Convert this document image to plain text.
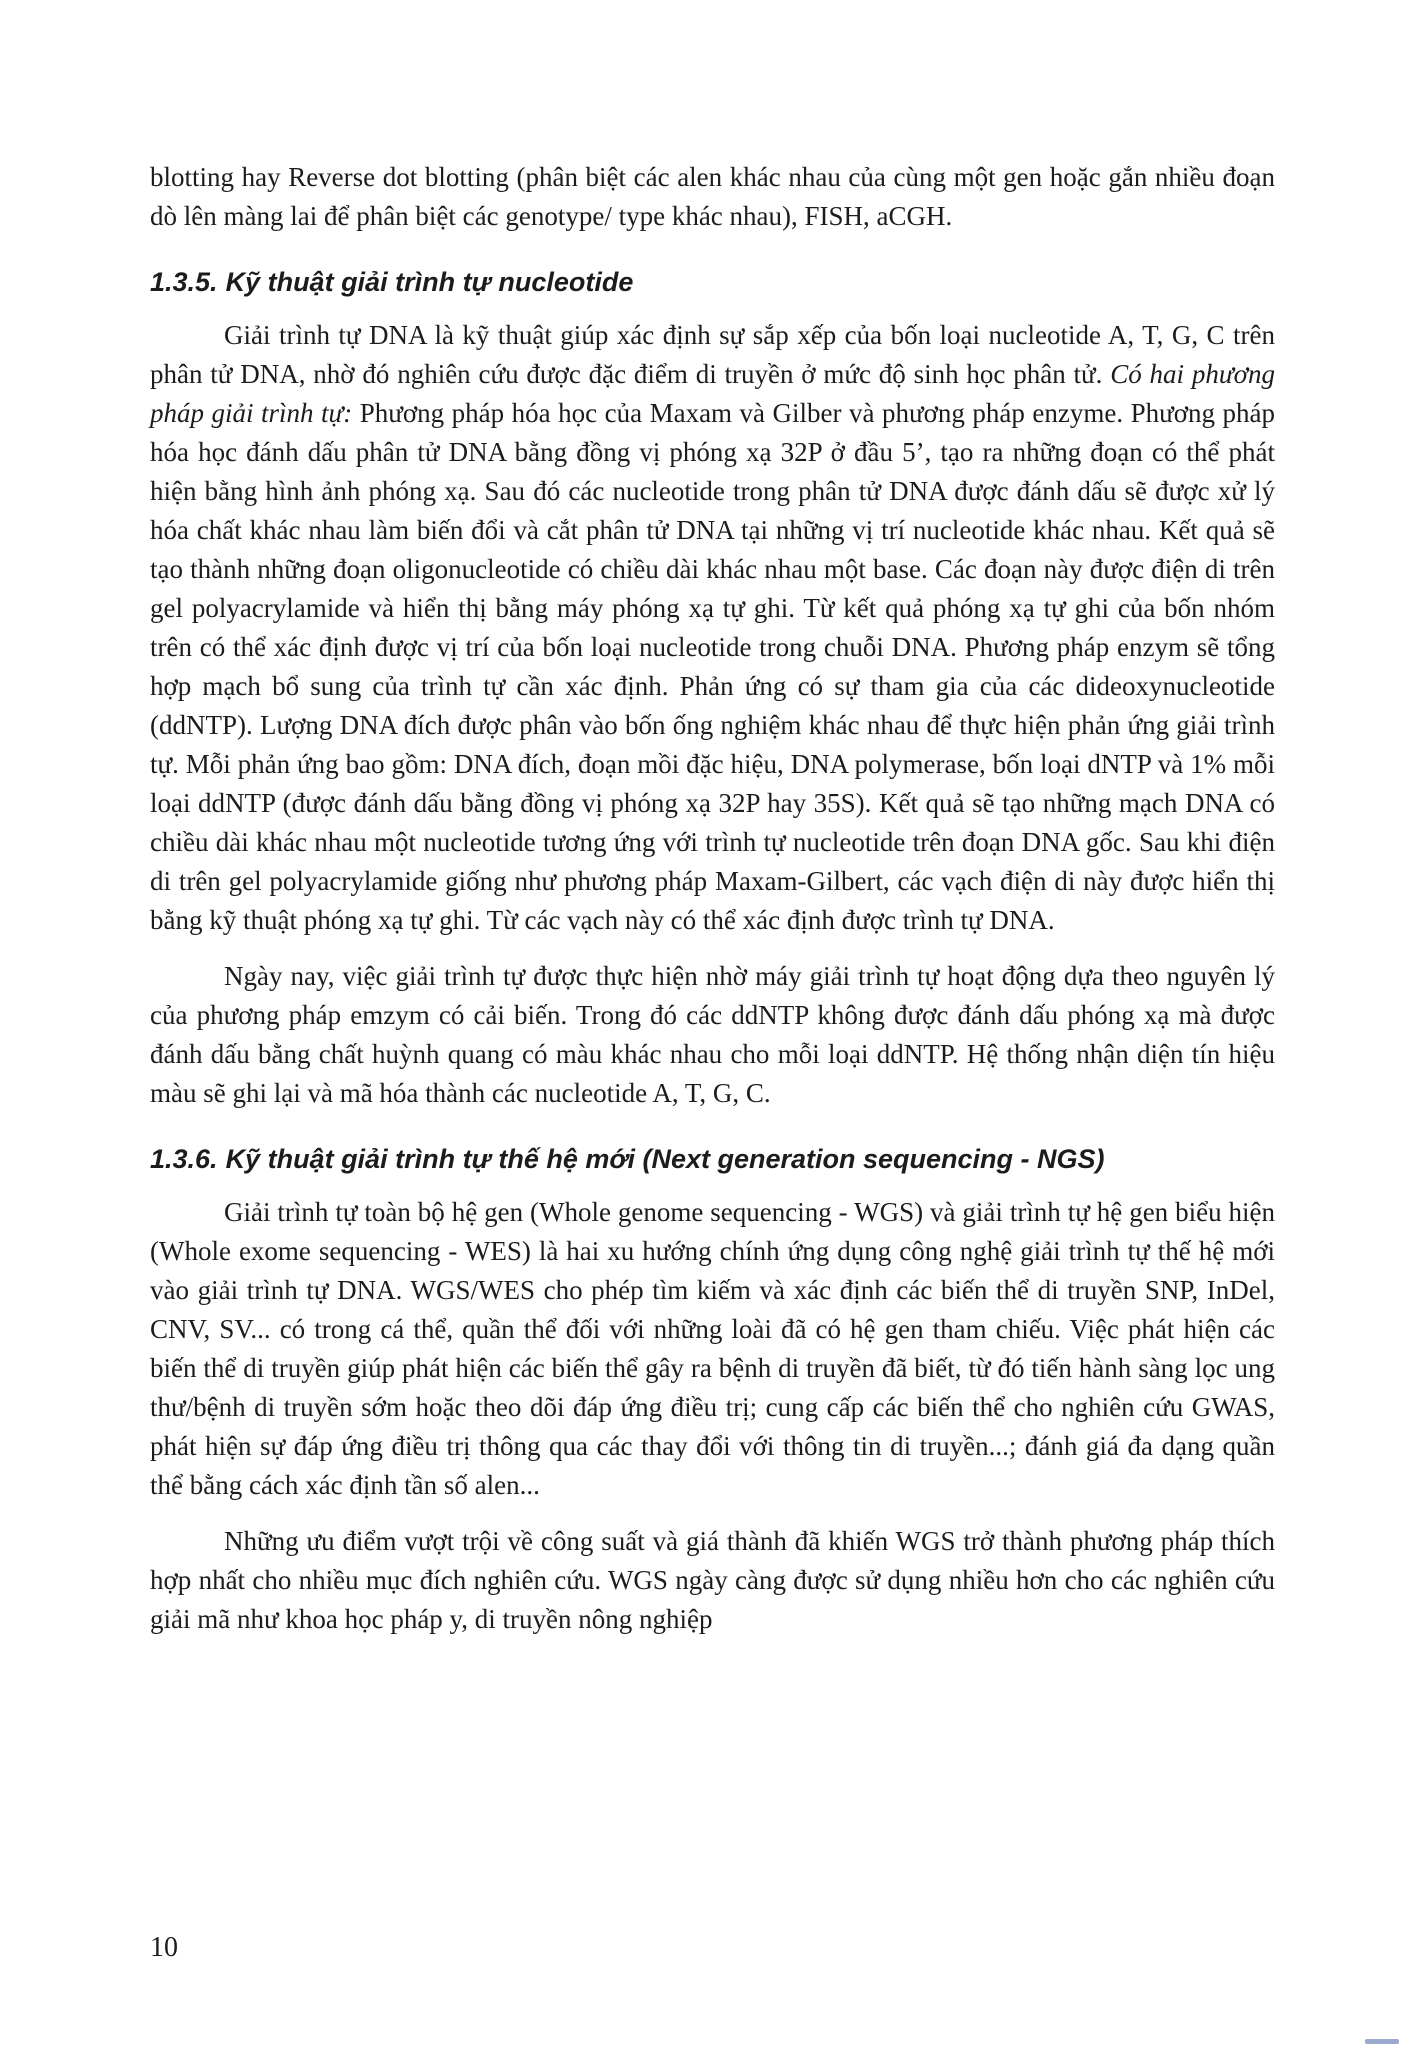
blotting hay Reverse dot blotting (phân biệt các alen khác nhau của cùng một gen hoặc gắn nhiều đoạn dò lên màng lai để phân biệt các genotype/ type khác nhau), FISH, aCGH.

1.3.5. Kỹ thuật giải trình tự nucleotide

Giải trình tự DNA là kỹ thuật giúp xác định sự sắp xếp của bốn loại nucleotide A, T, G, C trên phân tử DNA, nhờ đó nghiên cứu được đặc điểm di truyền ở mức độ sinh học phân tử. Có hai phương pháp giải trình tự: Phương pháp hóa học của Maxam và Gilber và phương pháp enzyme. Phương pháp hóa học đánh dấu phân tử DNA bằng đồng vị phóng xạ 32P ở đầu 5’, tạo ra những đoạn có thể phát hiện bằng hình ảnh phóng xạ. Sau đó các nucleotide trong phân tử DNA được đánh dấu sẽ được xử lý hóa chất khác nhau làm biến đổi và cắt phân tử DNA tại những vị trí nucleotide khác nhau. Kết quả sẽ tạo thành những đoạn oligonucleotide có chiều dài khác nhau một base. Các đoạn này được điện di trên gel polyacrylamide và hiển thị bằng máy phóng xạ tự ghi. Từ kết quả phóng xạ tự ghi của bốn nhóm trên có thể xác định được vị trí của bốn loại nucleotide trong chuỗi DNA. Phương pháp enzym sẽ tổng hợp mạch bổ sung của trình tự cần xác định. Phản ứng có sự tham gia của các dideoxynucleotide (ddNTP). Lượng DNA đích được phân vào bốn ống nghiệm khác nhau để thực hiện phản ứng giải trình tự. Mỗi phản ứng bao gồm: DNA đích, đoạn mồi đặc hiệu, DNA polymerase, bốn loại dNTP và 1% mỗi loại ddNTP (được đánh dấu bằng đồng vị phóng xạ 32P hay 35S). Kết quả sẽ tạo những mạch DNA có chiều dài khác nhau một nucleotide tương ứng với trình tự nucleotide trên đoạn DNA gốc. Sau khi điện di trên gel polyacrylamide giống như phương pháp Maxam-Gilbert, các vạch điện di này được hiển thị bằng kỹ thuật phóng xạ tự ghi. Từ các vạch này có thể xác định được trình tự DNA.

Ngày nay, việc giải trình tự được thực hiện nhờ máy giải trình tự hoạt động dựa theo nguyên lý của phương pháp emzym có cải biến. Trong đó các ddNTP không được đánh dấu phóng xạ mà được đánh dấu bằng chất huỳnh quang có màu khác nhau cho mỗi loại ddNTP. Hệ thống nhận diện tín hiệu màu sẽ ghi lại và mã hóa thành các nucleotide A, T, G, C.

1.3.6. Kỹ thuật giải trình tự thế hệ mới (Next generation sequencing - NGS)

Giải trình tự toàn bộ hệ gen (Whole genome sequencing - WGS) và giải trình tự hệ gen biểu hiện (Whole exome sequencing - WES) là hai xu hướng chính ứng dụng công nghệ giải trình tự thế hệ mới vào giải trình tự DNA. WGS/WES cho phép tìm kiếm và xác định các biến thể di truyền SNP, InDel, CNV, SV... có trong cá thể, quần thể đối với những loài đã có hệ gen tham chiếu. Việc phát hiện các biến thể di truyền giúp phát hiện các biến thể gây ra bệnh di truyền đã biết, từ đó tiến hành sàng lọc ung thư/bệnh di truyền sớm hoặc theo dõi đáp ứng điều trị; cung cấp các biến thể cho nghiên cứu GWAS, phát hiện sự đáp ứng điều trị thông qua các thay đổi với thông tin di truyền...; đánh giá đa dạng quần thể bằng cách xác định tần số alen...

Những ưu điểm vượt trội về công suất và giá thành đã khiến WGS trở thành phương pháp thích hợp nhất cho nhiều mục đích nghiên cứu. WGS ngày càng được sử dụng nhiều hơn cho các nghiên cứu giải mã như khoa học pháp y, di truyền nông nghiệp

10
